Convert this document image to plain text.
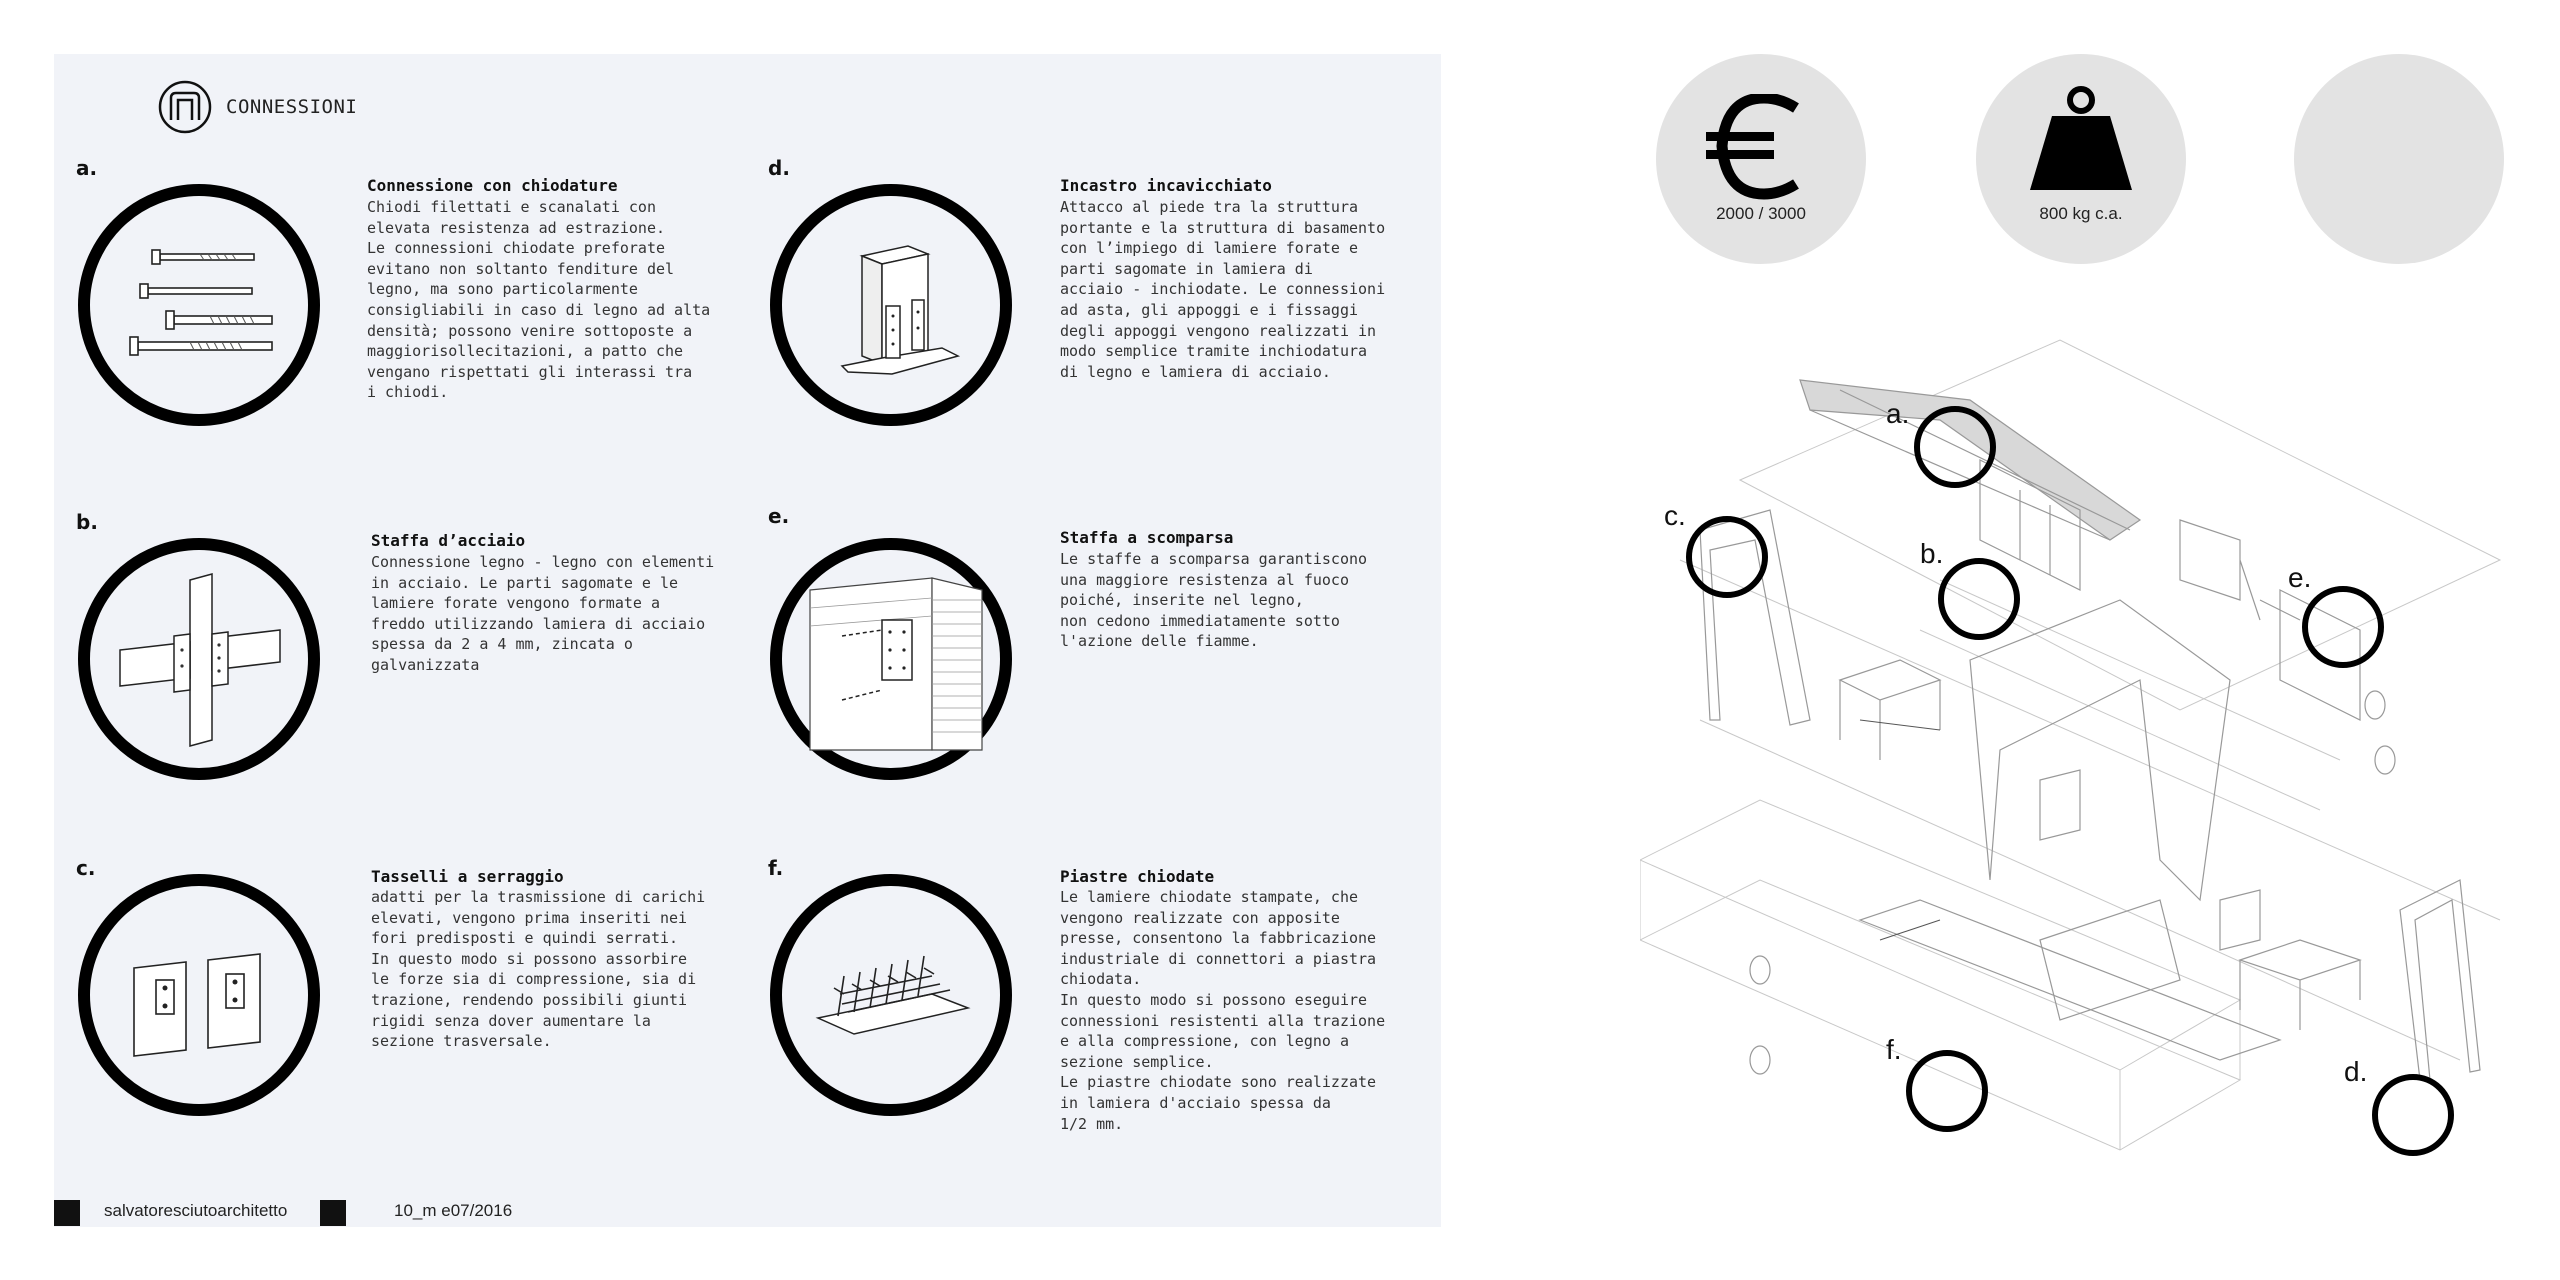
CONNESSIONI
a.
Connessione con chiodature
Chiodi filettati e scanalati con
elevata resistenza ad estrazione.
Le connessioni chiodate preforate
evitano non soltanto fenditure del
legno, ma sono particolarmente
consigliabili in caso di legno ad alta
densità; possono venire sottoposte a
maggiorisollecitazioni, a patto che
vengano rispettati gli interassi tra
i chiodi.
b.
Staffa d’acciaio
Connessione legno - legno con elementi
in acciaio. Le parti sagomate e le
lamiere forate vengono formate a
freddo utilizzando lamiera di acciaio
spessa da 2 a 4 mm, zincata o
galvanizzata
c.	Tasselli a serraggio
adatti per la trasmissione di carichi
elevati, vengono prima inseriti nei
fori predisposti e quindi serrati.
In questo modo si possono assorbire
le forze sia di compressione, sia di
trazione, rendendo possibili giunti
rigidi senza dover aumentare la
sezione trasversale.
d.
Incastro incavicchiato
Attacco al piede tra la struttura
portante e la struttura di basamento
con l’impiego di lamiere forate e
parti sagomate in lamiera di
acciaio - inchiodate. Le connessioni
ad asta, gli appoggi e i fissaggi
degli appoggi vengono realizzati in
modo semplice tramite inchiodatura
di legno e lamiera di acciaio.
e.
Staffa a scomparsa
Le staffe a scomparsa garantiscono
una maggiore resistenza al fuoco
poiché, inserite nel legno,
non cedono immediatamente sotto
l'azione delle fiamme.
f.	Piastre chiodate
Le lamiere chiodate stampate, che
vengono realizzate con apposite
presse, consentono la fabbricazione
industriale di connettori a piastra
chiodata.
In questo modo si possono eseguire
connessioni resistenti alla trazione
e alla compressione, con legno a
sezione semplice.
Le piastre chiodate sono realizzate
in lamiera d'acciaio spessa da
1/2 mm.
salvatoresciutoarchitetto	10_m e07/2016
2000 / 3000	800 kg c.a.
a.
b.
c.
d.
e.
f.
